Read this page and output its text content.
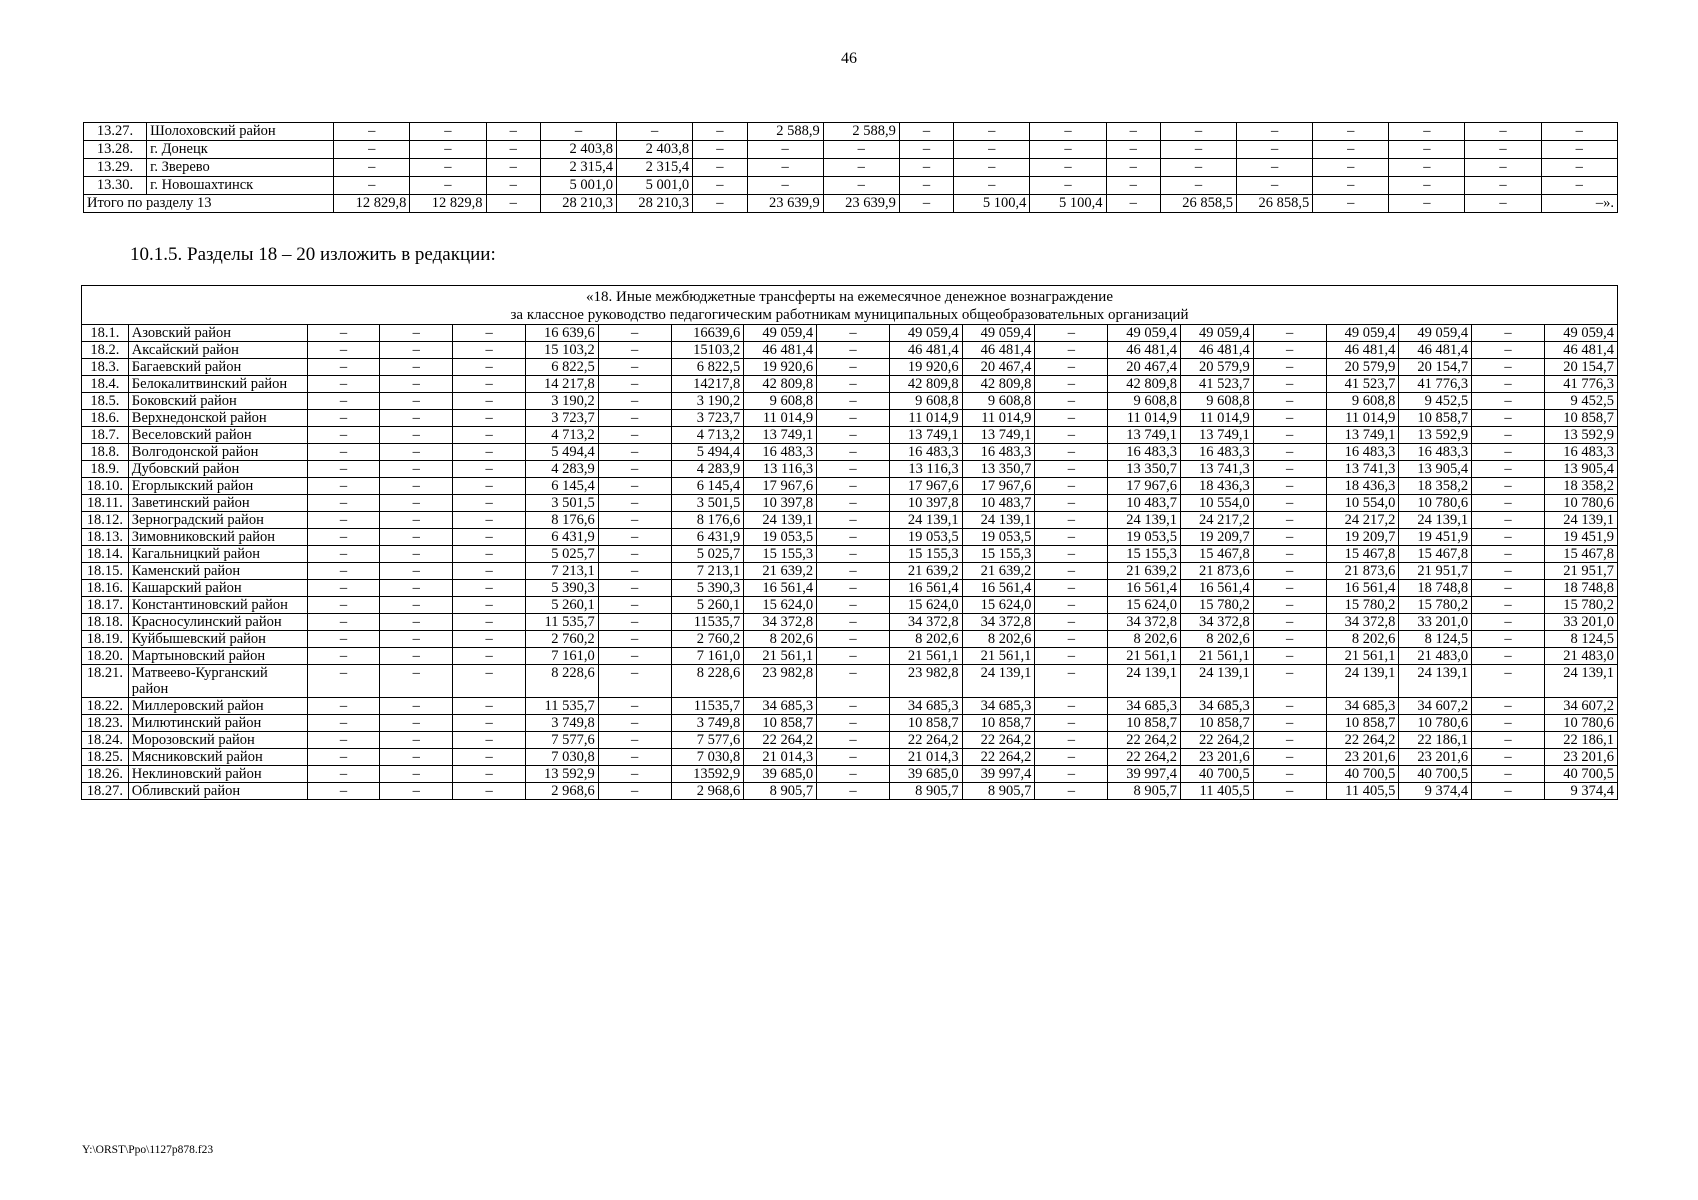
46
13.27.	Шолоховский район	–	–	–	–	–	–	2 588,9	2 588,9	–	–	–	–	–	–	–	–	–	–
13.28.	г. Донецк	–	–	–	2 403,8	2 403,8	–	–	–	–	–	–	–	–	–	–	–	–	–
13.29.	г. Зверево	–	–	–	2 315,4	2 315,4	–	–	–	–	–	–	–	–	–	–	–	–	–
13.30.	г. Новошахтинск	–	–	–	5 001,0	5 001,0	–	–	–	–	–	–	–	–	–	–	–	–	–
Итого по разделу 13		12 829,8	12 829,8	–	28 210,3	28 210,3	–	23 639,9	23 639,9	–	5 100,4	5 100,4	–	26 858,5	26 858,5	–	–	–	–».
10.1.5. Разделы 18 – 20 изложить в редакции:
«18. Иные межбюджетные трансферты на ежемесячное денежное вознаграждение
за классное руководство педагогическим работникам муниципальных общеобразовательных организаций																			

18.1.	Азовский район	–	–	–	16 639,6	–	16639,6	49 059,4	–	49 059,4	49 059,4	–	49 059,4	49 059,4	–	49 059,4	49 059,4	–	49 059,4
18.2.	Аксайский район	–	–	–	15 103,2	–	15103,2	46 481,4	–	46 481,4	46 481,4	–	46 481,4	46 481,4	–	46 481,4	46 481,4	–	46 481,4
18.3.	Багаевский район	–	–	–	6 822,5	–	6 822,5	19 920,6	–	19 920,6	20 467,4	–	20 467,4	20 579,9	–	20 579,9	20 154,7	–	20 154,7
18.4.	Белокалитвинский район	–	–	–	14 217,8	–	14217,8	42 809,8	–	42 809,8	42 809,8	–	42 809,8	41 523,7	–	41 523,7	41 776,3	–	41 776,3
18.5.	Боковский район	–	–	–	3 190,2	–	3 190,2	9 608,8	–	9 608,8	9 608,8	–	9 608,8	9 608,8	–	9 608,8	9 452,5	–	9 452,5
18.6.	Верхнедонской район	–	–	–	3 723,7	–	3 723,7	11 014,9	–	11 014,9	11 014,9	–	11 014,9	11 014,9	–	11 014,9	10 858,7	–	10 858,7
18.7.	Веселовский район	–	–	–	4 713,2	–	4 713,2	13 749,1	–	13 749,1	13 749,1	–	13 749,1	13 749,1	–	13 749,1	13 592,9	–	13 592,9
18.8.	Волгодонской район	–	–	–	5 494,4	–	5 494,4	16 483,3	–	16 483,3	16 483,3	–	16 483,3	16 483,3	–	16 483,3	16 483,3	–	16 483,3
18.9.	Дубовский район	–	–	–	4 283,9	–	4 283,9	13 116,3	–	13 116,3	13 350,7	–	13 350,7	13 741,3	–	13 741,3	13 905,4	–	13 905,4
18.10.	Егорлыкский район	–	–	–	6 145,4	–	6 145,4	17 967,6	–	17 967,6	17 967,6	–	17 967,6	18 436,3	–	18 436,3	18 358,2	–	18 358,2
18.11.	Заветинский район	–	–	–	3 501,5	–	3 501,5	10 397,8	–	10 397,8	10 483,7	–	10 483,7	10 554,0	–	10 554,0	10 780,6	–	10 780,6
18.12.	Зерноградский район	–	–	–	8 176,6	–	8 176,6	24 139,1	–	24 139,1	24 139,1	–	24 139,1	24 217,2	–	24 217,2	24 139,1	–	24 139,1
18.13.	Зимовниковский район	–	–	–	6 431,9	–	6 431,9	19 053,5	–	19 053,5	19 053,5	–	19 053,5	19 209,7	–	19 209,7	19 451,9	–	19 451,9
18.14.	Кагальницкий район	–	–	–	5 025,7	–	5 025,7	15 155,3	–	15 155,3	15 155,3	–	15 155,3	15 467,8	–	15 467,8	15 467,8	–	15 467,8
18.15.	Каменский район	–	–	–	7 213,1	–	7 213,1	21 639,2	–	21 639,2	21 639,2	–	21 639,2	21 873,6	–	21 873,6	21 951,7	–	21 951,7
18.16.	Кашарский район	–	–	–	5 390,3	–	5 390,3	16 561,4	–	16 561,4	16 561,4	–	16 561,4	16 561,4	–	16 561,4	18 748,8	–	18 748,8
18.17.	Константиновский район	–	–	–	5 260,1	–	5 260,1	15 624,0	–	15 624,0	15 624,0	–	15 624,0	15 780,2	–	15 780,2	15 780,2	–	15 780,2
18.18.	Красносулинский район	–	–	–	11 535,7	–	11535,7	34 372,8	–	34 372,8	34 372,8	–	34 372,8	34 372,8	–	34 372,8	33 201,0	–	33 201,0
18.19.	Куйбышевский район	–	–	–	2 760,2	–	2 760,2	8 202,6	–	8 202,6	8 202,6	–	8 202,6	8 202,6	–	8 202,6	8 124,5	–	8 124,5
18.20.	Мартыновский район	–	–	–	7 161,0	–	7 161,0	21 561,1	–	21 561,1	21 561,1	–	21 561,1	21 561,1	–	21 561,1	21 483,0	–	21 483,0
18.21.	Матвеево-Курганский район	–	–	–	8 228,6	–	8 228,6	23 982,8	–	23 982,8	24 139,1	–	24 139,1	24 139,1	–	24 139,1	24 139,1	–	24 139,1
18.22.	Миллеровский район	–	–	–	11 535,7	–	11535,7	34 685,3	–	34 685,3	34 685,3	–	34 685,3	34 685,3	–	34 685,3	34 607,2	–	34 607,2
18.23.	Милютинский район	–	–	–	3 749,8	–	3 749,8	10 858,7	–	10 858,7	10 858,7	–	10 858,7	10 858,7	–	10 858,7	10 780,6	–	10 780,6
18.24.	Морозовский район	–	–	–	7 577,6	–	7 577,6	22 264,2	–	22 264,2	22 264,2	–	22 264,2	22 264,2	–	22 264,2	22 186,1	–	22 186,1
18.25.	Мясниковский район	–	–	–	7 030,8	–	7 030,8	21 014,3	–	21 014,3	22 264,2	–	22 264,2	23 201,6	–	23 201,6	23 201,6	–	23 201,6
18.26.	Неклиновский район	–	–	–	13 592,9	–	13592,9	39 685,0	–	39 685,0	39 997,4	–	39 997,4	40 700,5	–	40 700,5	40 700,5	–	40 700,5
18.27.	Обливский район	–	–	–	2 968,6	–	2 968,6	8 905,7	–	8 905,7	8 905,7	–	8 905,7	11 405,5	–	11 405,5	9 374,4	–	9 374,4
Y:\ORST\Ppo\1127p878.f23
